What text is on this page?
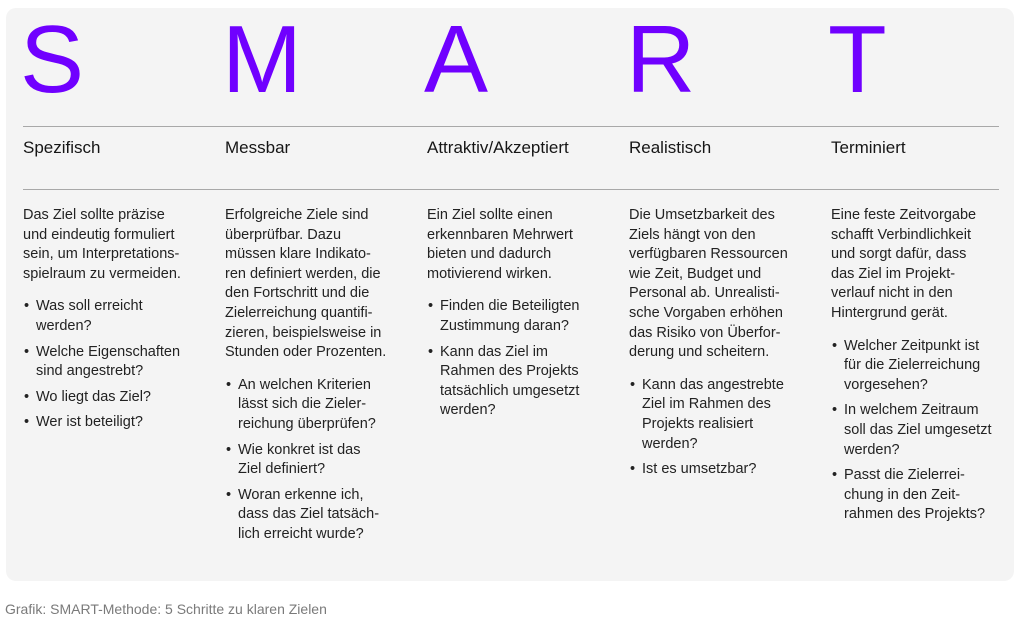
S
Spezifisch
Das Ziel sollte präzise
und eindeutig formuliert
sein, um Interpretations-
spielraum zu vermeiden.
• Was soll erreicht
werden?
• Welche Eigenschaften
sind angestrebt?
• Wo liegt das Ziel?
• Wer ist beteiligt?
M
Messbar
Erfolgreiche Ziele sind
überprüfbar. Dazu
müssen klare Indikato-
ren definiert werden, die
den Fortschritt und die
Zielerreichung quantifi-
zieren, beispielsweise in
Stunden oder Prozenten.
• An welchen Kriterien
lässt sich die Zieler-
reichung überprüfen?
• Wie konkret ist das
Ziel definiert?
• Woran erkenne ich,
dass das Ziel tatsäch-
lich erreicht wurde?
A
Attraktiv/Akzeptiert
Ein Ziel sollte einen
erkennbaren Mehrwert
bieten und dadurch
motivierend wirken.
• Finden die Beteiligten
Zustimmung daran?
• Kann das Ziel im
Rahmen des Projekts
tatsächlich umgesetzt
werden?
R
Realistisch
Die Umsetzbarkeit des
Ziels hängt von den
verfügbaren Ressourcen
wie Zeit, Budget und
Personal ab. Unrealisti-
sche Vorgaben erhöhen
das Risiko von Überfor-
derung und scheitern.
• Kann das angestrebte
Ziel im Rahmen des
Projekts realisiert
werden?
• Ist es umsetzbar?
T
Terminiert
Eine feste Zeitvorgabe
schafft Verbindlichkeit
und sorgt dafür, dass
das Ziel im Projekt-
verlauf nicht in den
Hintergrund gerät.
• Welcher Zeitpunkt ist
für die Zielerreichung
vorgesehen?
• In welchem Zeitraum
soll das Ziel umgesetzt
werden?
• Passt die Zielerrei-
chung in den Zeit-
rahmen des Projekts?
Grafik: SMART-Methode: 5 Schritte zu klaren Zielen
